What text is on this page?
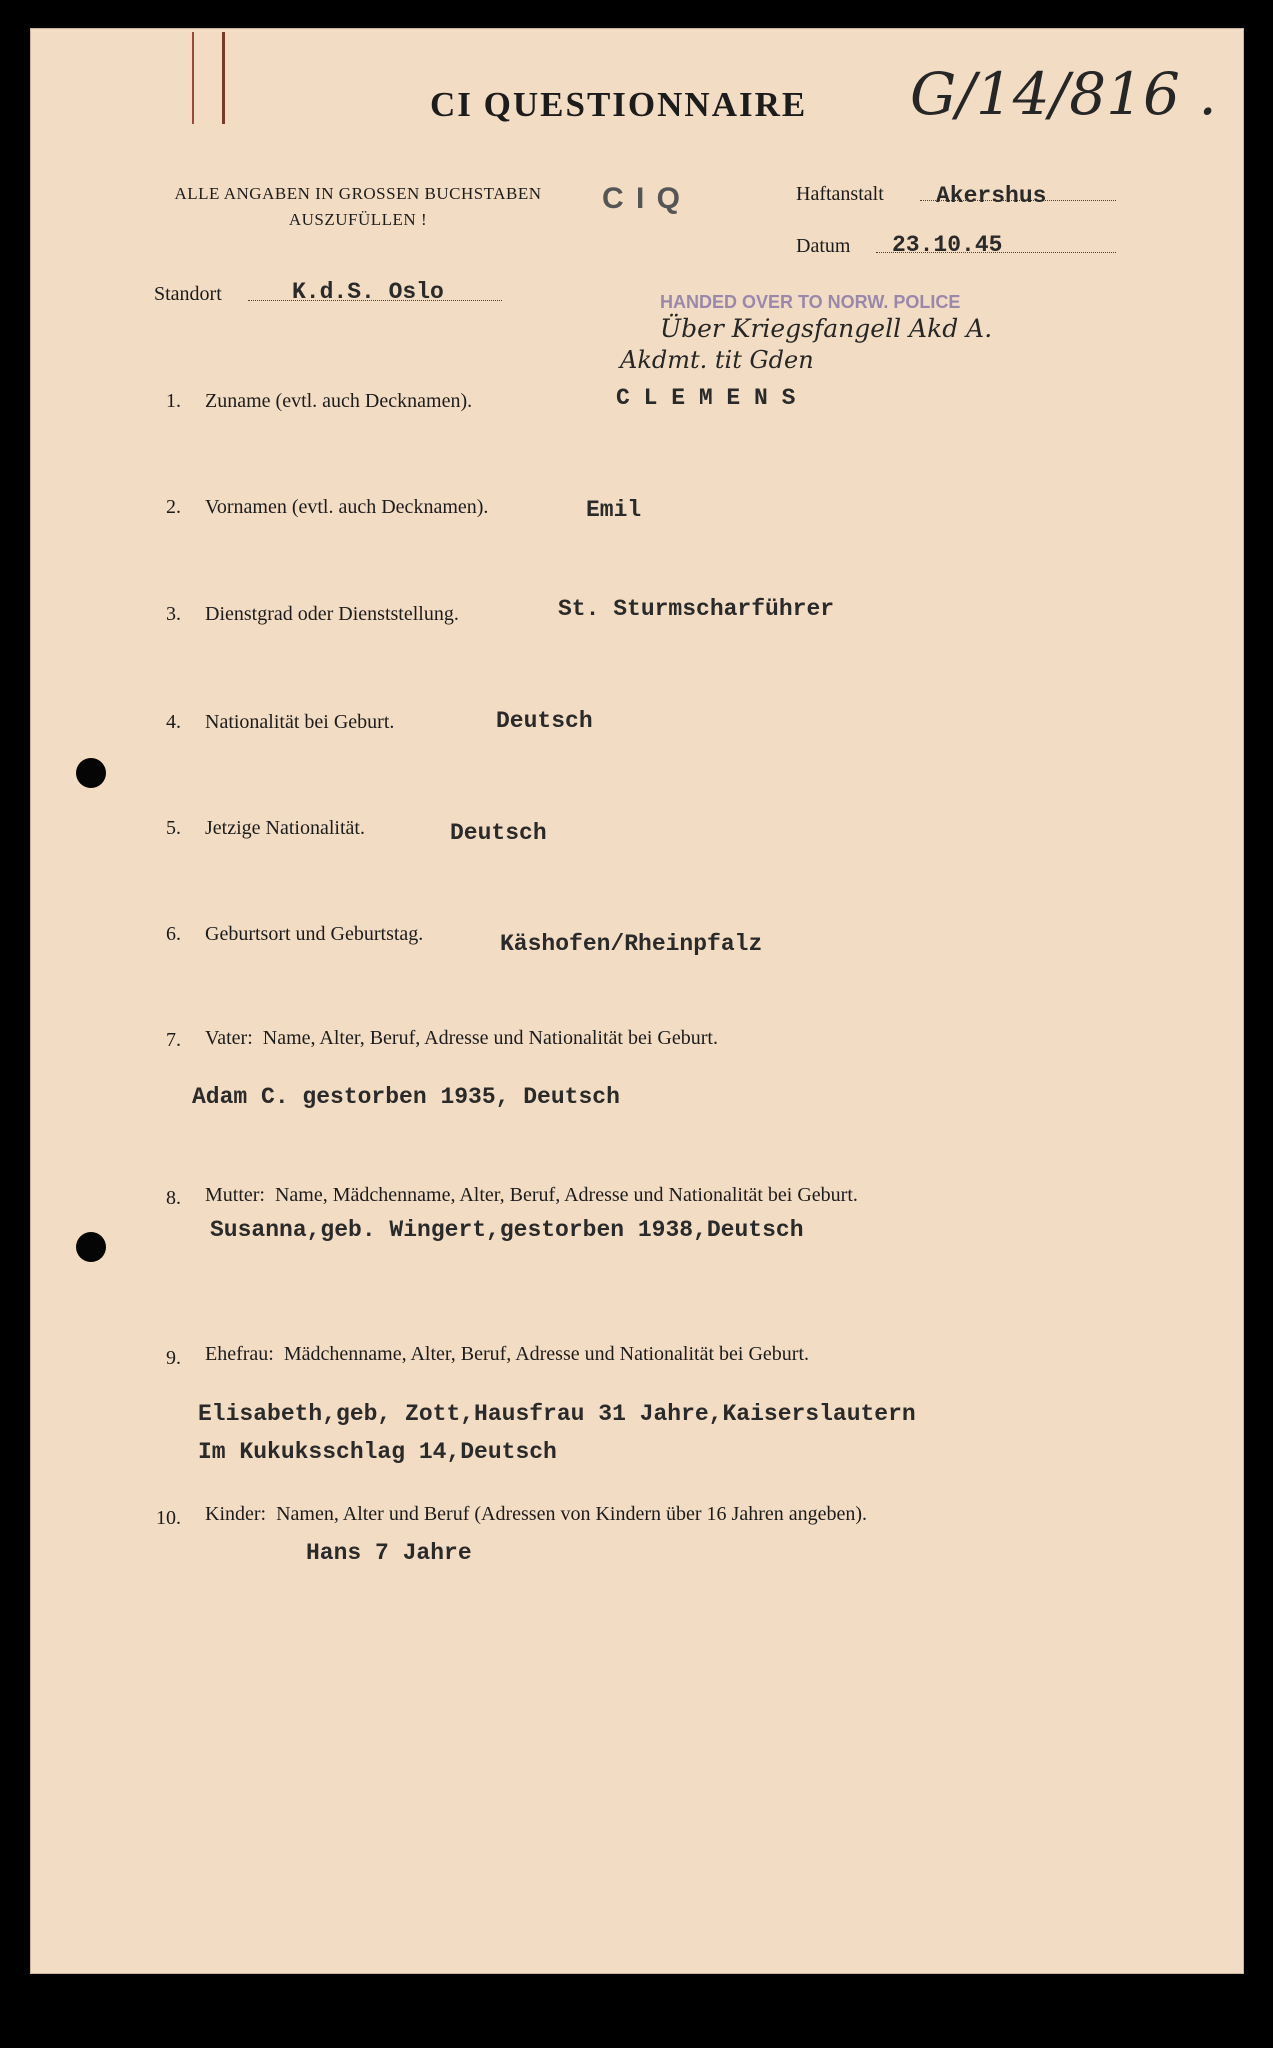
CI QUESTIONNAIRE G/14/816 .
ALLE ANGABEN IN GROSSEN BUCHSTABEN
AUSZUFÜLLEN !
C I Q	Haftanstalt Akershus
Datum 23.10.45
Standort	K.d.S. Oslo	HANDED OVER TO NORW. POLICE
Über Kriegsfangell Akd A.
Akdmt. tit Gden
1. Zuname (evtl. auch Decknamen).	C L E M E N S
2. Vornamen (evtl. auch Decknamen).	Emil
3. Dienstgrad oder Dienststellung.	St. Sturmscharführer
4. Nationalität bei Geburt.	Deutsch
5. Jetzige Nationalität.	Deutsch
6. Geburtsort und Geburtstag.	Käshofen/Rheinpfalz
7. Vater:  Name, Alter, Beruf, Adresse und Nationalität bei Geburt.
Adam C. gestorben 1935, Deutsch
8. Mutter:  Name, Mädchenname, Alter, Beruf, Adresse und Nationalität bei Geburt.
Susanna,geb. Wingert,gestorben 1938,Deutsch
9. Ehefrau:  Mädchenname, Alter, Beruf, Adresse und Nationalität bei Geburt.
Elisabeth,geb, Zott,Hausfrau 31 Jahre,Kaiserslautern
Im Kukuksschlag 14,Deutsch
10. Kinder:  Namen, Alter und Beruf (Adressen von Kindern über 16 Jahren angeben).
Hans 7 Jahre
